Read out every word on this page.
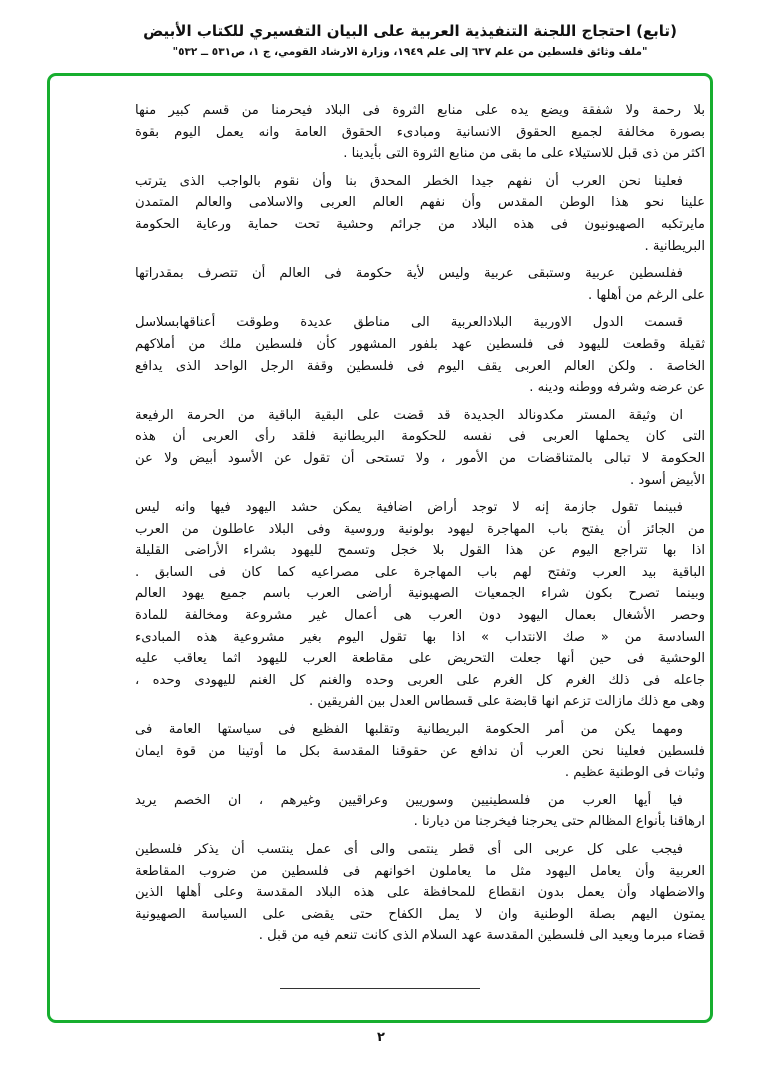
(تابع) احتجاج اللجنة التنفيذية العربية على البيان التفسيري للكتاب الأبيض
"ملف وثائق فلسطين من علم ٦٣٧ إلى علم ١٩٤٩، وزارة الارشاد القومي، ج ١، ص٥٣١ ــ ٥٣٢"
بلا رحمة ولا شفقة ويضع يده على منابع الثروة فى البلاد فيحرمنا من قسم كبير منها
بصورة مخالفة لجميع الحقوق الانسانية ومبادىء الحقوق العامة وانه يعمل اليوم بقوة
اكثر من ذى قبل للاستيلاء على ما بقى من منابع الثروة التى بأيدينا .
فعلينا نحن العرب أن نفهم جيدا الخطر المحدق بنا وأن نقوم بالواجب الذى يترتب
علينا نحو هذا الوطن المقدس وأن نفهم العالم العربى والاسلامى والعالم المتمدن
مايرتكبه الصهيونيون فى هذه البلاد من جرائم وحشية تحت حماية ورعاية الحكومة
البريطانية .
ففلسطين عربية وستبقى عربية وليس لأية حكومة فى العالم أن تتصرف بمقدراتها
على الرغم من أهلها .
قسمت الدول الاوربية البلادالعربية الى مناطق عديدة وطوقت أعناقهابسلاسل
ثقيلة وقطعت لليهود فى فلسطين عهد بلفور المشهور كأن فلسطين ملك من أملاكهم
الخاصة . ولكن العالم العربى يقف اليوم فى فلسطين وقفة الرجل الواحد الذى يدافع
عن عرضه وشرفه ووطنه ودينه .
ان وثيقة المستر مكدونالد الجديدة قد قضت على البقية الباقية من الحرمة الرفيعة
التى كان يحملها العربى فى نفسه للحكومة البريطانية فلقد رأى العربى أن هذه
الحكومة لا تبالى بالمتناقضات من الأمور ، ولا تستحى أن تقول عن الأسود أبيض ولا عن
الأبيض أسود .
فبينما تقول جازمة إنه لا توجد أراض اضافية يمكن حشد اليهود فيها وانه ليس
من الجائز أن يفتح باب المهاجرة ليهود بولونية وروسية وفى البلاد عاطلون من العرب
اذا بها تتراجع اليوم عن هذا القول بلا خجل وتسمح لليهود بشراء الأراضى القليلة
الباقية بيد العرب وتفتح لهم باب المهاجرة على مصراعيه كما كان فى السابق .
وبينما تصرح بكون شراء الجمعيات الصهيونية أراضى العرب باسم جميع يهود العالم
وحصر الأشغال بعمال اليهود دون العرب هى أعمال غير مشروعة ومخالفة للمادة
السادسة من « صك الانتداب » اذا بها تقول اليوم بغير مشروعية هذه المبادىء
الوحشية فى حين أنها جعلت التحريض على مقاطعة العرب لليهود اثما يعاقب عليه
جاعله فى ذلك الغرم كل الغرم على العربى وحده والغنم كل الغنم لليهودى وحده ،
وهى مع ذلك مازالت تزعم انها قابضة على قسطاس العدل بين الفريقين .
ومهما يكن من أمر الحكومة البريطانية وتقلبها الفظيع فى سياستها العامة فى
فلسطين فعلينا نحن العرب أن ندافع عن حقوقنا المقدسة بكل ما أوتينا من قوة ايمان
وثبات فى الوطنية عظيم .
فيا أيها العرب من فلسطينيين وسوريين وعراقيين وغيرهم ، ان الخصم يريد
ارهاقنا بأنواع المظالم حتى يحرجنا فيخرجنا من ديارنا .
فيجب على كل عربى الى أى قطر ينتمى والى أى عمل ينتسب أن يذكر فلسطين
العربية وأن يعامل اليهود مثل ما يعاملون اخوانهم فى فلسطين من ضروب المقاطعة
والاضطهاد وأن يعمل بدون انقطاع للمحافظة على هذه البلاد المقدسة وعلى أهلها الذين
يمتون اليهم بصلة الوطنية وان لا يمل الكفاح حتى يقضى على السياسة الصهيونية
قضاء مبرما ويعيد الى فلسطين المقدسة عهد السلام الذى كانت تنعم فيه من قبل .
٢
